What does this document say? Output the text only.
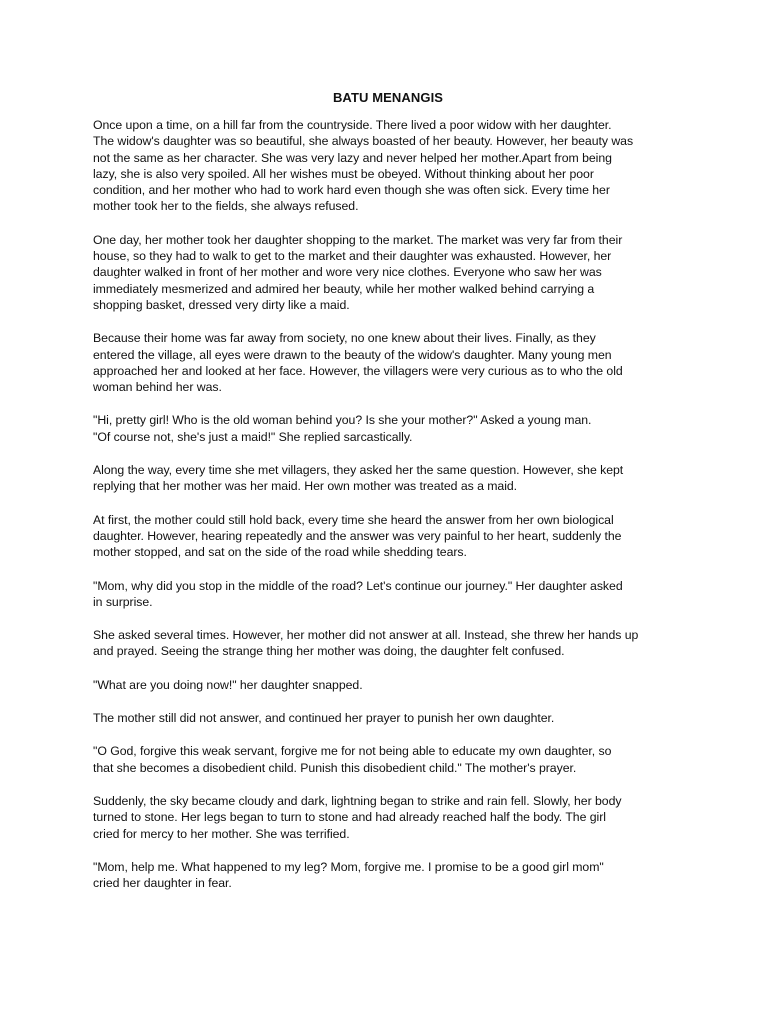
BATU MENANGIS

Once upon a time, on a hill far from the countryside. There lived a poor widow with her daughter.
The widow's daughter was so beautiful, she always boasted of her beauty. However, her beauty was
not the same as her character. She was very lazy and never helped her mother.Apart from being
lazy, she is also very spoiled. All her wishes must be obeyed. Without thinking about her poor
condition, and her mother who had to work hard even though she was often sick. Every time her
mother took her to the fields, she always refused.

One day, her mother took her daughter shopping to the market. The market was very far from their
house, so they had to walk to get to the market and their daughter was exhausted. However, her
daughter walked in front of her mother and wore very nice clothes. Everyone who saw her was
immediately mesmerized and admired her beauty, while her mother walked behind carrying a
shopping basket, dressed very dirty like a maid.

Because their home was far away from society, no one knew about their lives. Finally, as they
entered the village, all eyes were drawn to the beauty of the widow's daughter. Many young men
approached her and looked at her face. However, the villagers were very curious as to who the old
woman behind her was.

"Hi, pretty girl! Who is the old woman behind you? Is she your mother?" Asked a young man.
"Of course not, she's just a maid!" She replied sarcastically.

Along the way, every time she met villagers, they asked her the same question. However, she kept
replying that her mother was her maid. Her own mother was treated as a maid.

At first, the mother could still hold back, every time she heard the answer from her own biological
daughter. However, hearing repeatedly and the answer was very painful to her heart, suddenly the
mother stopped, and sat on the side of the road while shedding tears.

"Mom, why did you stop in the middle of the road? Let's continue our journey." Her daughter asked
in surprise.

She asked several times. However, her mother did not answer at all. Instead, she threw her hands up
and prayed. Seeing the strange thing her mother was doing, the daughter felt confused.

"What are you doing now!" her daughter snapped.

The mother still did not answer, and continued her prayer to punish her own daughter.

"O God, forgive this weak servant, forgive me for not being able to educate my own daughter, so
that she becomes a disobedient child. Punish this disobedient child." The mother's prayer.

Suddenly, the sky became cloudy and dark, lightning began to strike and rain fell. Slowly, her body
turned to stone. Her legs began to turn to stone and had already reached half the body. The girl
cried for mercy to her mother. She was terrified.

"Mom, help me. What happened to my leg? Mom, forgive me. I promise to be a good girl mom"
cried her daughter in fear.
